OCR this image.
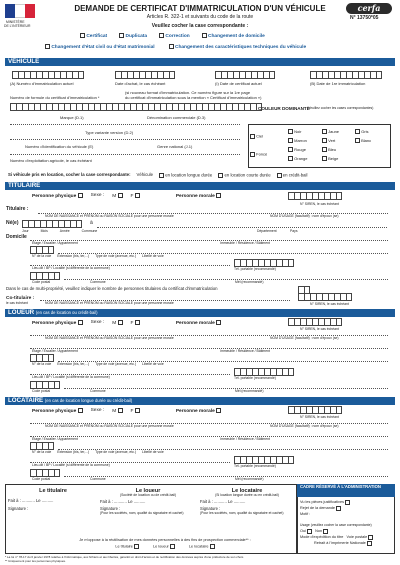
MINISTÈRE
DE L'INTÉRIEUR
DEMANDE DE CERTIFICAT D'IMMATRICULATION D'UN VÉHICULE
Articles R. 322-1 et suivants du code de la route
cerfa
N° 13750*05
Veuillez cocher la case correspondante :
Certificat	Duplicata	Correction	Changement de domicile
Changement d'état civil ou d'état matrimonial	Changement des caractéristiques techniques du véhicule
VÉHICULE
(A) Numéro d'immatriculation actuel	Date d'achat, le cas échéant	(I) Date de certificat actuel	(B) Date de 1re immatriculation
(si nouveau format d'immatriculation. Ce numéro figure sur la 1re page
Numéro de formule du certificat d'immatriculation *	du certificat d'immatriculation sous la mention « Certificat d'immatriculation »)
COULEUR DOMINANTE
(Veuillez cocher les cases correspondantes)
Marque (D.1)	Dénomination commerciale (D.3)
Type variante version (D.2)
Numéro d'identification du véhicule (E)	Genre national (J.1)
Numéro d'exploitation agricole, le cas échéant
Ciel
Foncé
Noir
Marron
Rouge
Orange
Jaune
Vert
Bleu
Beige
Gris
Blanc
Si véhicule pris en location, cocher la case correspondante: Véhicule	en location longue durée	en location courte durée	en crédit-bail
TITULAIRE
Personne physique	Sexe : M	F	Personne morale
N° SIREN, le cas échéant
Titulaire :
NOM DE NAISSANCE et PRÉNOM ou RAISON SOCIALE pour une personne morale	NOM D'USAGE (facultatif) : nom d'époux (se)
Né(e)	à
Jour	Mois	Année	Commune	Département	Pays
Domicile
Étage / Escalier / Appartement	Immeuble / Résidence / Bâtiment
N° de la voie Extension (bis, ter,...) Type de voie (avenue, etc.) Libellé de voie
Lieu-dit / BP / Localité (si différente de la commune)	Tél. portable (recommandé)
Code postal	Commune	Mél (recommandé)
Dans le cas de multi-propriété, veuillez indiquer le nombre de personnes titulaires du certificat d'immatriculation
Co-titulaire :
le cas échéant	NOM DE NAISSANCE et PRÉNOM ou RAISON SOCIALE pour une personne morale	N° SIREN, le cas échéant
LOUEUR (en cas de location ou crédit-bail)
Personne physique	Sexe : M	F	Personne morale
N° SIREN, le cas échéant
NOM DE NAISSANCE et PRÉNOM ou RAISON SOCIALE pour une personne morale	NOM D'USAGE (facultatif) : nom d'époux (se)
Étage / Escalier / Appartement	Immeuble / Résidence / Bâtiment
N° de la voie Extension (bis, ter,...) Type de voie (avenue, etc.) Libellé de voie
Lieu-dit / BP / Localité (si différente de la commune)	Tél. portable (recommandé)
Code postal	Commune	Mél (recommandé)
LOCATAIRE (en cas de location longue durée ou crédit-bail)
Personne physique	Sexe : M	F	Personne morale
N° SIREN, le cas échéant
NOM DE NAISSANCE et PRÉNOM ou RAISON SOCIALE pour une personne morale	NOM D'USAGE (facultatif) : nom d'époux (se)
Étage / Escalier / Appartement	Immeuble / Résidence / Bâtiment
N° de la voie Extension (bis, ter,...) Type de voie (avenue, etc.) Libellé de voie
Lieu-dit / BP / Localité (si différente de la commune)	Tél. portable (recommandé)
Code postal	Commune	Mél (recommandé)
Le titulaire
Fait à : ........... Le ..........
Signature :
Le loueur
(Société de location ou de crédit-bail)
Fait à : ........... Le ..........
Signature :
(Pour les sociétés, nom, qualité du signataire et cachet)
Le locataire
(Si location longue durée ou en crédit-bail)
Fait à : ........... Le ..........
Signature :
(Pour les sociétés, nom, qualité du signataire et cachet)
Je m'oppose à la réutilisation de mes données personnelles à des fins de prospection commerciale** :
Le titulaire	Le loueur	Le locataire
CADRE RÉSERVÉ À L'ADMINISTRATION
Vu les pièces justificatives
Rejet de la demande
Motif :
Usage (veuillez cocher la case correspondante)
Oui Non
Mode d'expédition du titre Voie postale
Retrait à l'imprimerie Nationale
* La loi n° 78-17 du 6 janvier 1978 relative à l'informatique, aux fichiers et aux libertés, garantit un droit d'accès et de rectification des données auprès d'une préfecture de son choix.
** Uniquement pour les personnes physiques.
